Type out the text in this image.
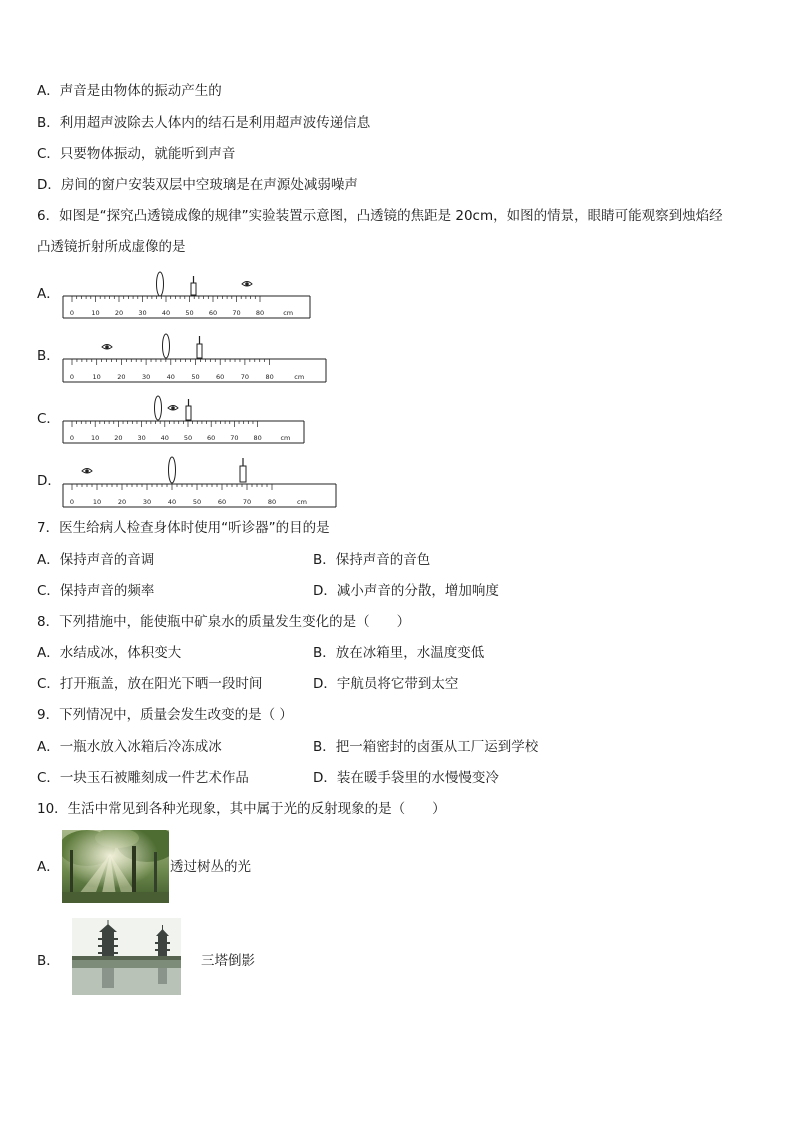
A．声音是由物体的振动产生的
B．利用超声波除去人体内的结石是利用超声波传递信息
C．只要物体振动，就能听到声音
D．房间的窗户安装双层中空玻璃是在声源处减弱噪声
6．如图是“探究凸透镜成像的规律”实验装置示意图，凸透镜的焦距是 20cm，如图的情景，眼睛可能观察到烛焰经
凸透镜折射所成虚像的是
A．
0	10 20 30 40 50 60 70 80	cm
B．
0	10	20	30	40	50	60	70	80	cm
C．
0	10 20 30 40 50 60 70 80	cm
D．
0	10	20	30	40	50	60	70	80	cm
7．医生给病人检查身体时使用“听诊器”的目的是
A．保持声音的音调	B．保持声音的音色
C．保持声音的频率	D．减小声音的分散，增加响度
8．下列措施中，能使瓶中矿泉水的质量发生变化的是（　　）
A．水结成冰，体积变大	B．放在冰箱里，水温度变低
C．打开瓶盖，放在阳光下晒一段时间	D．宇航员将它带到太空
9．下列情况中，质量会发生改变的是（ ）
A．一瓶水放入冰箱后冷冻成冰	B．把一箱密封的卤蛋从工厂运到学校
C．一块玉石被雕刻成一件艺术作品	D．装在暖手袋里的水慢慢变冷
10．生活中常见到各种光现象，其中属于光的反射现象的是（　　）
A．	透过树丛的光
B．	三塔倒影
